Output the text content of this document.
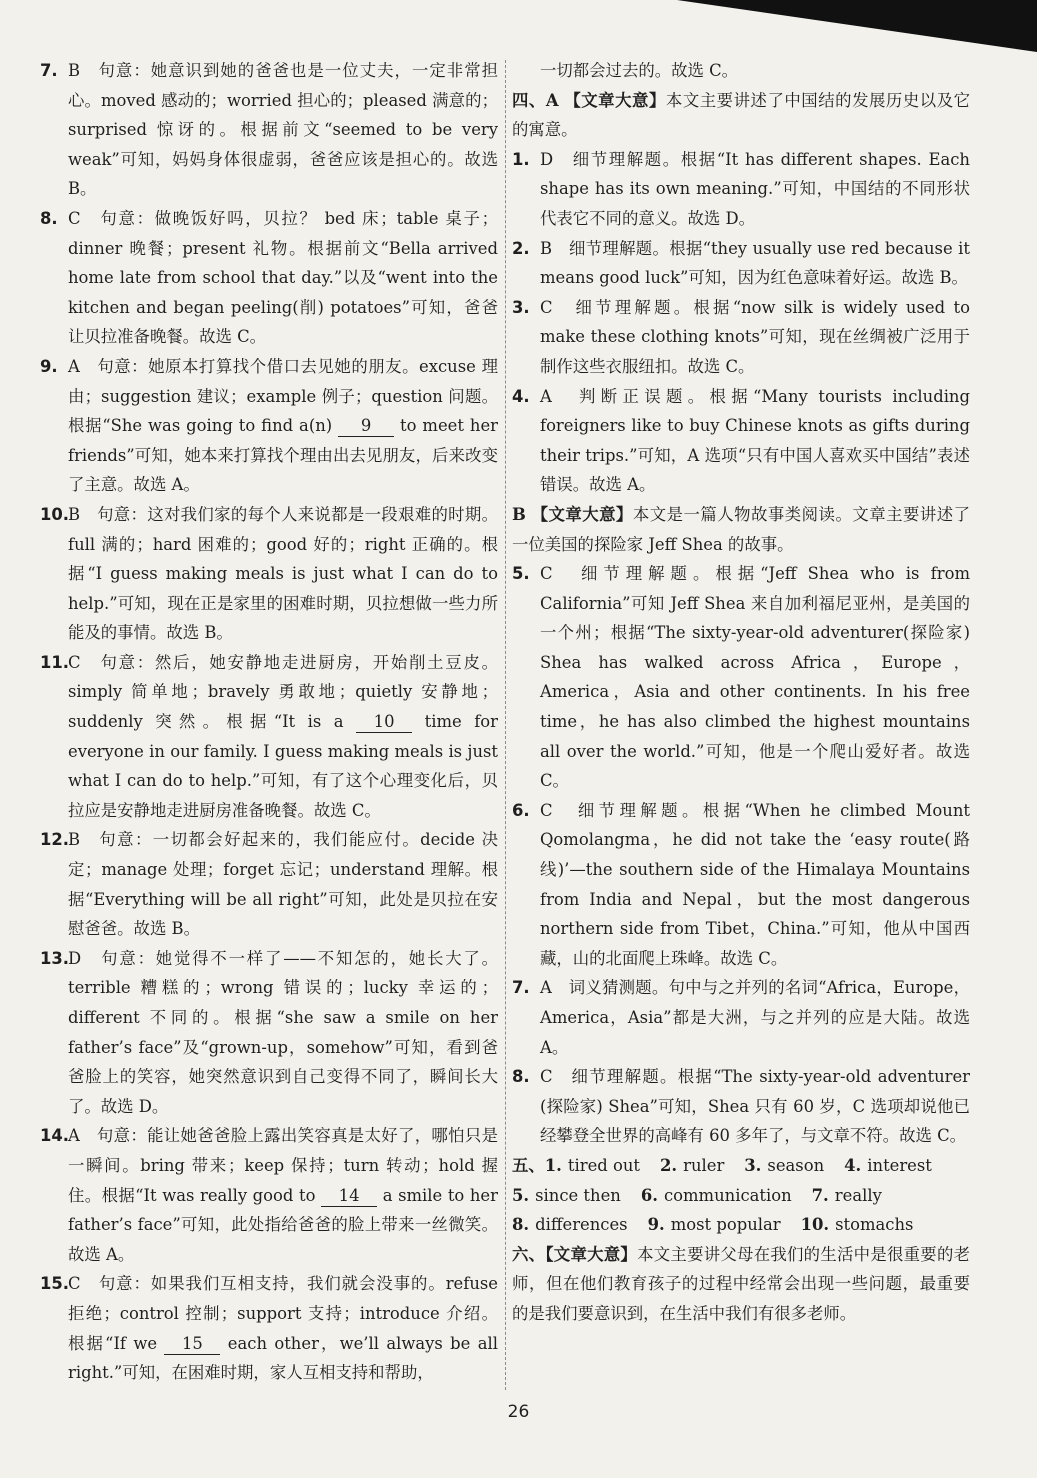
7. B　句意：她意识到她的爸爸也是一位丈夫，一定非常担心。moved 感动的；worried 担心的；pleased 满意的；surprised 惊讶的。根据前文“seemed to be very weak”可知，妈妈身体很虚弱，爸爸应该是担心的。故选 B。
8. C　句意：做晚饭好吗，贝拉？ bed 床；table 桌子；dinner 晚餐；present 礼物。根据前文“Bella arrived home late from school that day.”以及“went into the kitchen and began peeling(削) potatoes”可知，爸爸让贝拉准备晚餐。故选 C。
9. A　句意：她原本打算找个借口去见她的朋友。excuse 理由；suggestion 建议；example 例子；question 问题。根据“She was going to find a(n) 9 to meet her friends”可知，她本来打算找个理由出去见朋友，后来改变了主意。故选 A。
10.
B　句意：这对我们家的每个人来说都是一段艰难的时期。full 满的；hard 困难的；good 好的；right 正确的。根据“I guess making meals is just what I can do to help.”可知，现在正是家里的困难时期，贝拉想做一些力所能及的事情。故选 B。
11.
C　句意：然后，她安静地走进厨房，开始削土豆皮。simply 简单地；bravely 勇敢地；quietly 安静地；suddenly 突然。根据“It is a 10 time for everyone in our family. I guess making meals is just what I can do to help.”可知，有了这个心理变化后，贝拉应是安静地走进厨房准备晚餐。故选 C。
12.
B　句意：一切都会好起来的，我们能应付。decide 决定；manage 处理；forget 忘记；understand 理解。根据“Everything will be all right”可知，此处是贝拉在安慰爸爸。故选 B。
13.
D　句意：她觉得不一样了——不知怎的，她长大了。terrible 糟糕的；wrong 错误的；lucky 幸运的；different 不同的。根据“she saw a smile on her father’s face”及“grown-up，somehow”可知，看到爸爸脸上的笑容，她突然意识到自己变得不同了，瞬间长大了。故选 D。
14.
A　句意：能让她爸爸脸上露出笑容真是太好了，哪怕只是一瞬间。bring 带来；keep 保持；turn 转动；hold 握住。根据“It was really good to 14 a smile to her father’s face”可知，此处指给爸爸的脸上带来一丝微笑。故选 A。
15.
C　句意：如果我们互相支持，我们就会没事的。refuse 拒绝；control 控制；support 支持；introduce 介绍。根据“If we 15 each other，we’ll always be all right.”可知，在困难时期，家人互相支持和帮助，
一切都会过去的。故选 C。
四、A 【文章大意】本文主要讲述了中国结的发展历史以及它的寓意。
1. D　细节理解题。根据“It has different shapes. Each shape has its own meaning.”可知，中国结的不同形状代表它不同的意义。故选 D。
2. B　细节理解题。根据“they usually use red because it means good luck”可知，因为红色意味着好运。故选 B。
3. C　细节理解题。根据“now silk is widely used to make these clothing knots”可知，现在丝绸被广泛用于制作这些衣服纽扣。故选 C。
4. A　判断正误题。根据“Many tourists including foreigners like to buy Chinese knots as gifts during their trips.”可知，A 选项“只有中国人喜欢买中国结”表述错误。故选 A。
B 【文章大意】本文是一篇人物故事类阅读。文章主要讲述了一位美国的探险家 Jeff Shea 的故事。
5. C　细节理解题。根据“Jeff Shea who is from California”可知 Jeff Shea 来自加利福尼亚州，是美国的一个州；根据“The sixty-year-old adventurer(探险家) Shea has walked across Africa，Europe，America，Asia and other continents. In his free time，he has also climbed the highest mountains all over the world.”可知，他是一个爬山爱好者。故选 C。
6. C　细节理解题。根据“When he climbed Mount Qomolangma，he did not take the ‘easy route(路线)’—the southern side of the Himalaya Mountains from India and Nepal，but the most dangerous northern side from Tibet，China.”可知，他从中国西藏，山的北面爬上珠峰。故选 C。
7. A　词义猜测题。句中与之并列的名词“Africa，Europe，America，Asia”都是大洲，与之并列的应是大陆。故选 A。
8. C　细节理解题。根据“The sixty-year-old adventurer (探险家) Shea”可知，Shea 只有 60 岁，C 选项却说他已经攀登全世界的高峰有 60 多年了，与文章不符。故选 C。
五、1. tired out 2. ruler 3. season 4. interest
5. since then 6. communication 7. really
8. differences 9. most popular 10. stomachs
六、【文章大意】本文主要讲父母在我们的生活中是很重要的老师，但在他们教育孩子的过程中经常会出现一些问题，最重要的是我们要意识到，在生活中我们有很多老师。
26
